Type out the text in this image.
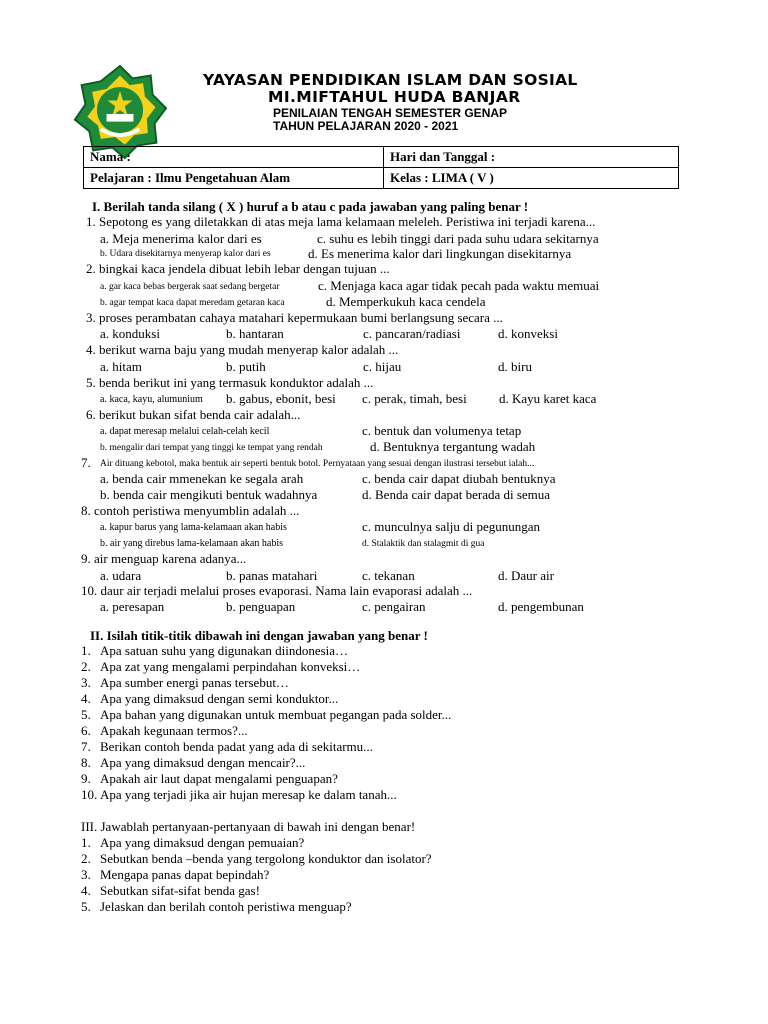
YAYASAN PENDIDIKAN ISLAM DAN SOSIAL
MI.MIFTAHUL HUDA BANJAR
PENILAIAN TENGAH SEMESTER GENAP
TAHUN PELAJARAN 2020 - 2021
Nama :	Hari dan Tanggal :
Pelajaran : Ilmu Pengetahuan Alam	Kelas : LIMA ( V )
I. Berilah tanda silang ( X ) huruf a b atau c pada jawaban yang paling benar !
1. Sepotong es yang diletakkan di atas meja lama kelamaan meleleh. Peristiwa ini terjadi karena...
a. Meja menerima kalor dari es	c. suhu es lebih tinggi dari pada suhu udara sekitarnya
b. Udara disekitarnya menyerap kalor dari es	d. Es menerima kalor dari lingkungan disekitarnya
2. bingkai kaca jendela dibuat lebih lebar dengan tujuan ...
a. gar kaca bebas bergerak saat sedang bergetar	c. Menjaga kaca agar tidak pecah pada waktu memuai
b. agar tempat kaca dapat meredam getaran kaca	d. Memperkukuh kaca cendela
3. proses perambatan cahaya matahari kepermukaan bumi berlangsung secara ...
a. konduksi	b. hantaran	c. pancaran/radiasi	d. konveksi
4. berikut warna baju yang mudah menyerap kalor adalah ...
a. hitam	b. putih	c. hijau	d. biru
5. benda berikut ini yang termasuk konduktor adalah ...
a. kaca, kayu, alumunium b. gabus, ebonit, besi c. perak, timah, besi d. Kayu karet kaca
6. berikut bukan sifat benda cair adalah...
a. dapat meresap melalui celah-celah kecil	c. bentuk dan volumenya tetap
b. mengalir dari tempat yang tinggi ke tempat yang rendah	d. Bentuknya tergantung wadah
7. Air dituang kebotol, maka bentuk air seperti bentuk botol. Pernyataan yang sesuai dengan ilustrasi tersebut ialah...
a. benda cair mmenekan ke segala arah	c. benda cair dapat diubah bentuknya
b. benda cair mengikuti bentuk wadahnya	d. Benda cair dapat berada di semua
8. contoh peristiwa menyumblin adalah ...
a. kapur barus yang lama-kelamaan akan habis	c. munculnya salju di pegunungan
b. air yang direbus lama-kelamaan akan habis	d. Stalaktik dan stalagmit di gua
9. air menguap karena adanya...
a. udara	b. panas matahari	c. tekanan	d. Daur air
10. daur air terjadi melalui proses evaporasi. Nama lain evaporasi adalah ...
a. peresapan	b. penguapan	c. pengairan	d. pengembunan
II. Isilah titik-titik dibawah ini dengan jawaban yang benar !
1. Apa satuan suhu yang digunakan diindonesia…
2. Apa zat yang mengalami perpindahan konveksi…
3. Apa sumber energi panas tersebut…
4. Apa yang dimaksud dengan semi konduktor...
5. Apa bahan yang digunakan untuk membuat pegangan pada solder...
6. Apakah kegunaan termos?...
7. Berikan contoh benda padat yang ada di sekitarmu...
8. Apa yang dimaksud dengan mencair?...
9. Apakah air laut dapat mengalami penguapan?
10. Apa yang terjadi jika air hujan meresap ke dalam tanah...
III. Jawablah pertanyaan-pertanyaan di bawah ini dengan benar!
1. Apa yang dimaksud dengan pemuaian?
2. Sebutkan benda –benda yang tergolong konduktor dan isolator?
3. Mengapa panas dapat bepindah?
4. Sebutkan sifat-sifat benda gas!
5. Jelaskan dan berilah contoh peristiwa menguap?
